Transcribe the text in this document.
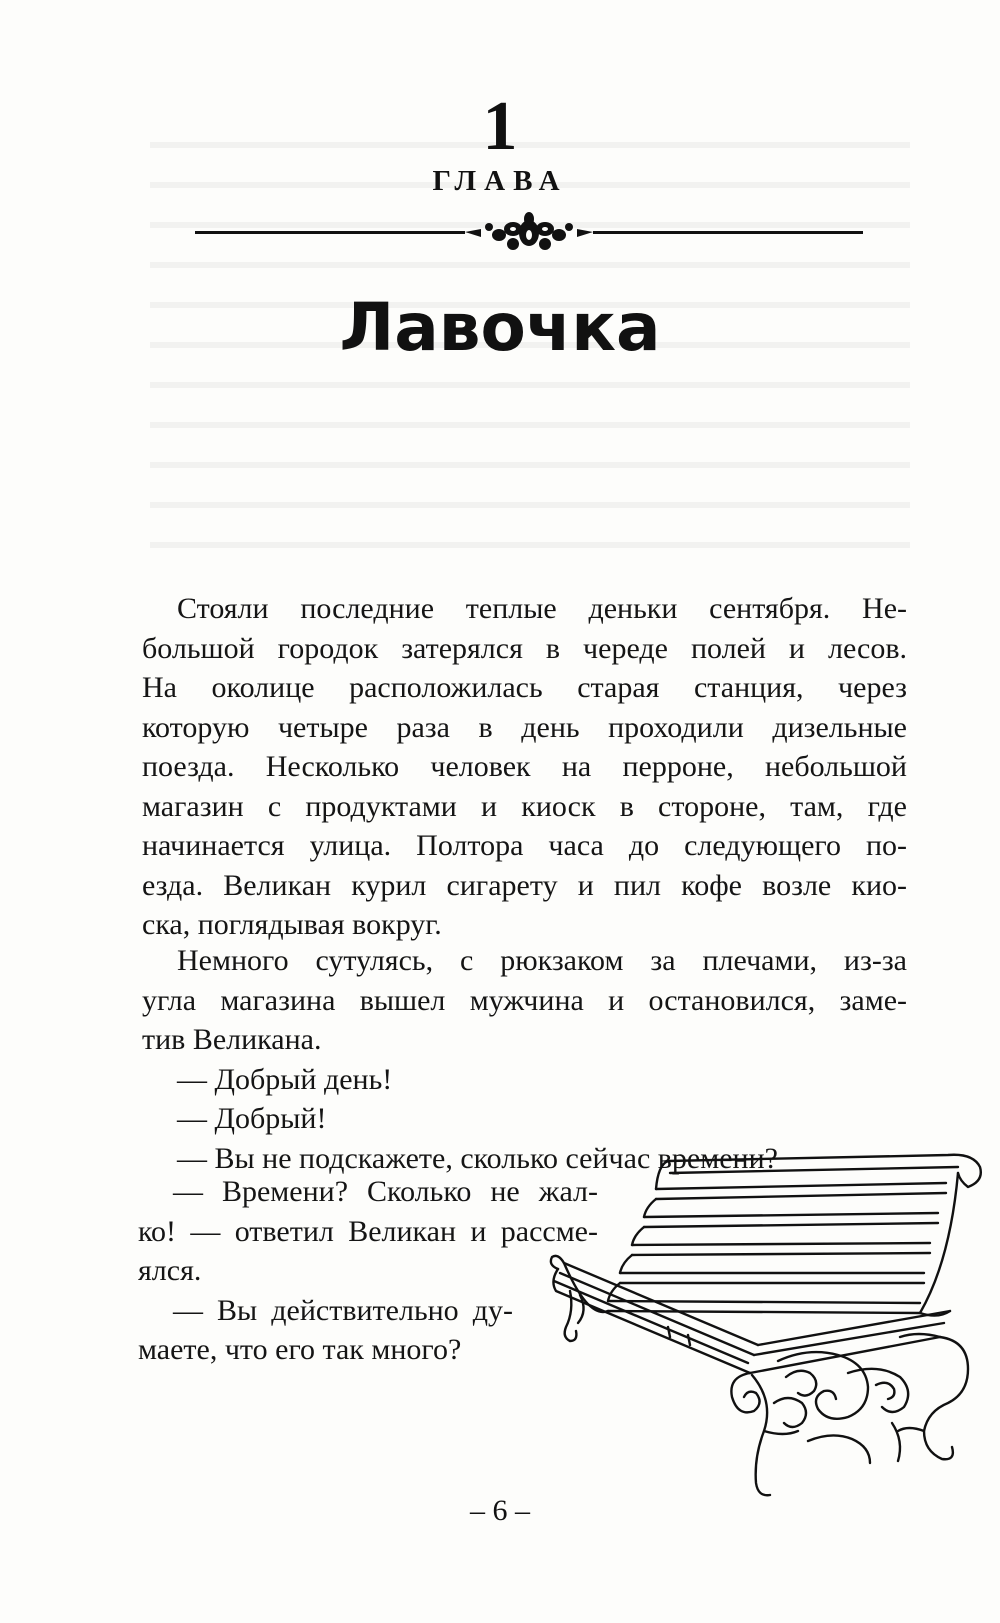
1
ГЛАВА
Лавочка
Стояли последние теплые деньки сентября. Не-
большой городок затерялся в череде полей и лесов.
На околице расположилась старая станция, через
которую четыре раза в день проходили дизельные
поезда. Несколько человек на перроне, небольшой
магазин с продуктами и киоск в стороне, там, где
начинается улица. Полтора часа до следующего по-
езда. Великан курил сигарету и пил кофе возле кио-
ска, поглядывая вокруг.
Немного сутулясь, с рюкзаком за плечами, из-за
угла магазина вышел мужчина и остановился, заме-
тив Великана.
— Добрый день!
— Добрый!
— Вы не подскажете, сколько сейчас времени?
— Времени? Сколько не жал-
ко! — ответил Великан и рассме-
ялся.
— Вы действительно ду-
маете, что его так много?
– 6 –
